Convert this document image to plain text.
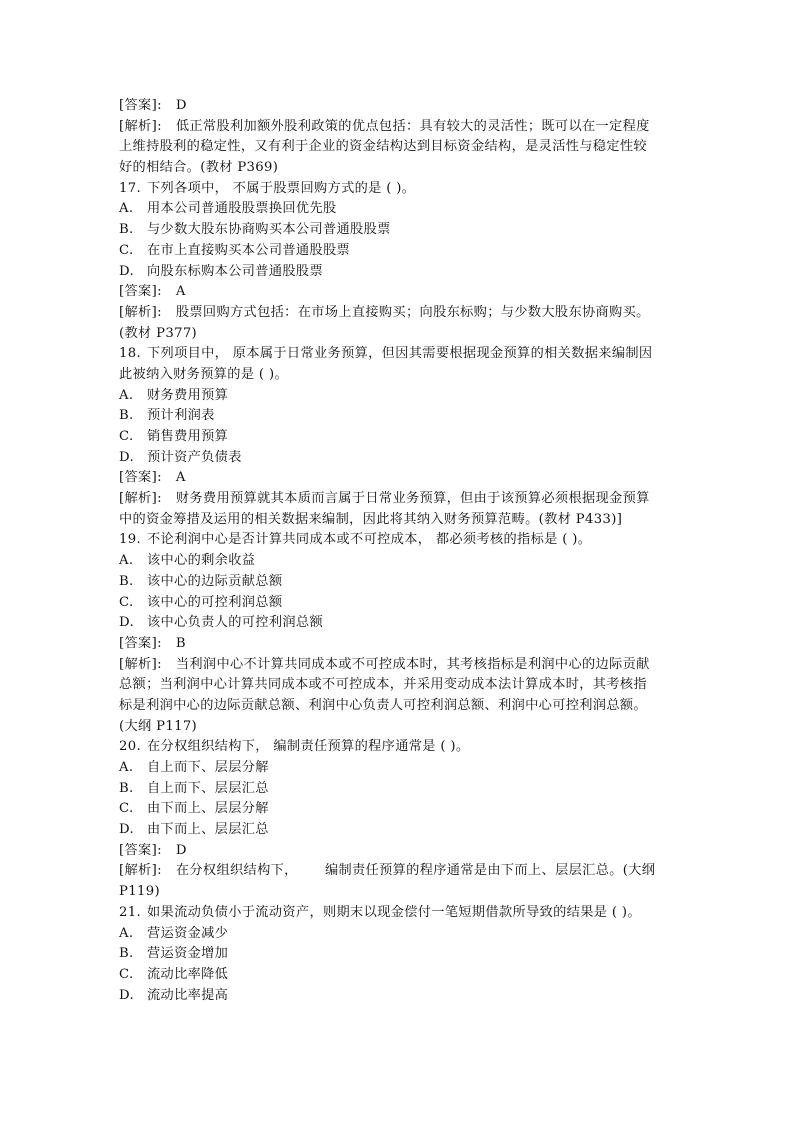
[答案]: D
[解析]: 低正常股利加额外股利政策的优点包括：具有较大的灵活性；既可以在一定程度
上维持股利的稳定性，又有利于企业的资金结构达到目标资金结构，是灵活性与稳定性较
好的相结合。(教材 P369)
17. 下列各项中， 不属于股票回购方式的是 ( )。
A. 用本公司普通股股票换回优先股
B. 与少数大股东协商购买本公司普通股股票
C. 在市上直接购买本公司普通股股票
D. 向股东标购本公司普通股股票
[答案]: A
[解析]: 股票回购方式包括：在市场上直接购买；向股东标购；与少数大股东协商购买。
(教材 P377)
18. 下列项目中， 原本属于日常业务预算，但因其需要根据现金预算的相关数据来编制因
此被纳入财务预算的是 ( )。
A. 财务费用预算
B. 预计利润表
C. 销售费用预算
D. 预计资产负债表
[答案]: A
[解析]: 财务费用预算就其本质而言属于日常业务预算，但由于该预算必须根据现金预算
中的资金筹措及运用的相关数据来编制，因此将其纳入财务预算范畴。(教材 P433)]
19. 不论利润中心是否计算共同成本或不可控成本， 都必须考核的指标是 ( )。
A. 该中心的剩余收益
B. 该中心的边际贡献总额
C. 该中心的可控利润总额
D. 该中心负责人的可控利润总额
[答案]: B
[解析]: 当利润中心不计算共同成本或不可控成本时，其考核指标是利润中心的边际贡献
总额；当利润中心计算共同成本或不可控成本，并采用变动成本法计算成本时，其考核指
标是利润中心的边际贡献总额、利润中心负责人可控利润总额、利润中心可控利润总额。
(大纲 P117)
20. 在分权组织结构下， 编制责任预算的程序通常是 ( )。
A. 自上而下、层层分解
B. 自上而下、层层汇总
C. 由下而上、层层分解
D. 由下而上、层层汇总
[答案]: D
[解析]: 在分权组织结构下，      编制责任预算的程序通常是由下而上、层层汇总。(大纲
P119)
21. 如果流动负债小于流动资产，则期末以现金偿付一笔短期借款所导致的结果是 ( )。
A. 营运资金减少
B. 营运资金增加
C. 流动比率降低
D. 流动比率提高
